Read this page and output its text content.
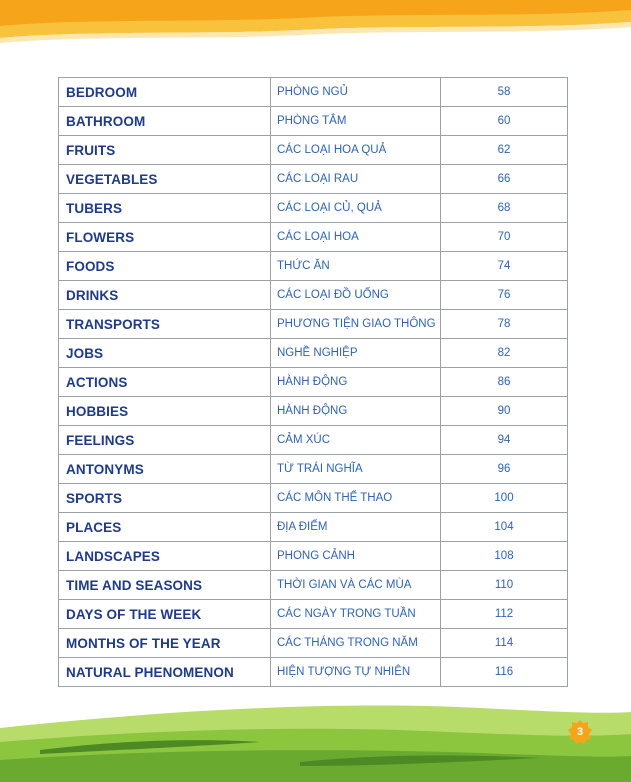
BEDROOM	PHÒNG NGỦ	58
BATHROOM	PHÒNG TẮM	60
FRUITS	CÁC LOẠI HOA QUẢ	62
VEGETABLES	CÁC LOẠI RAU	66
TUBERS	CÁC LOẠI CỦ, QUẢ	68
FLOWERS	CÁC LOẠI HOA	70
FOODS	THỨC ĂN	74
DRINKS	CÁC LOẠI ĐỒ UỐNG	76
TRANSPORTS	PHƯƠNG TIỆN GIAO THÔNG	78
JOBS	NGHỀ NGHIỆP	82
ACTIONS	HÀNH ĐỘNG	86
HOBBIES	HÀNH ĐỘNG	90
FEELINGS	CẢM XÚC	94
ANTONYMS	TỪ TRÁI NGHĨA	96
SPORTS	CÁC MÔN THỂ THAO	100
PLACES	ĐỊA ĐIỂM	104
LANDSCAPES	PHONG CẢNH	108
TIME AND SEASONS	THỜI GIAN VÀ CÁC MÙA	110
DAYS OF THE WEEK	CÁC NGÀY TRONG TUẦN	112
MONTHS OF THE YEAR	CÁC THÁNG TRONG NĂM	114
NATURAL PHENOMENON	HIỆN TƯỢNG TỰ NHIÊN	116
3
